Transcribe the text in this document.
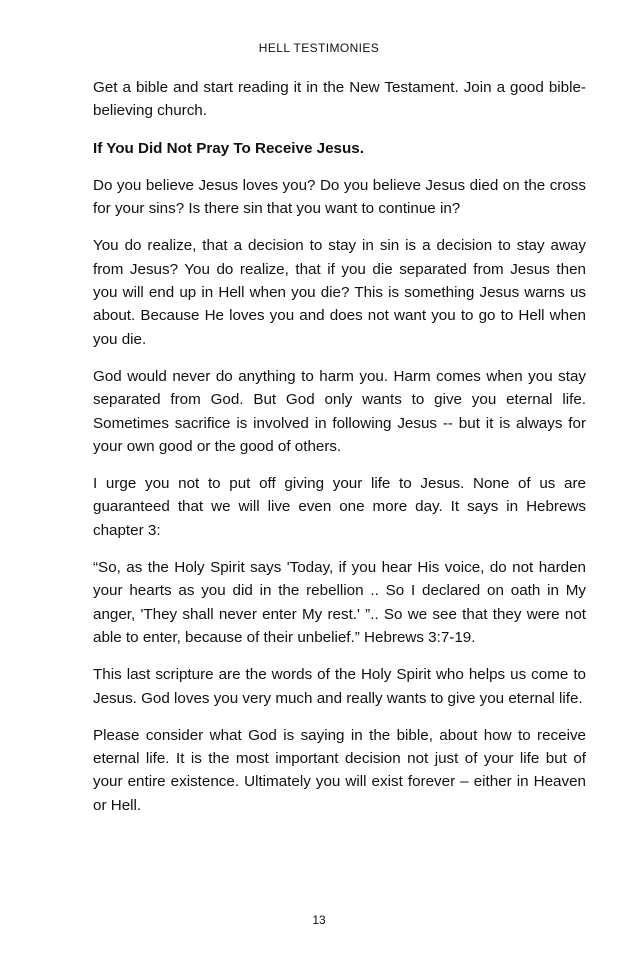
HELL TESTIMONIES

Get a bible and start reading it in the New Testament. Join a good bible-believing church.

If You Did Not Pray To Receive Jesus.

Do you believe Jesus loves you? Do you believe Jesus died on the cross for your sins? Is there sin that you want to continue in?

You do realize, that a decision to stay in sin is a decision to stay away from Jesus? You do realize, that if you die separated from Jesus then you will end up in Hell when you die? This is something Jesus warns us about. Because He loves you and does not want you to go to Hell when you die.

God would never do anything to harm you. Harm comes when you stay separated from God. But God only wants to give you eternal life. Sometimes sacrifice is involved in following Jesus -- but it is always for your own good or the good of others.

I urge you not to put off giving your life to Jesus. None of us are guaranteed that we will live even one more day. It says in Hebrews chapter 3:

“So, as the Holy Spirit says 'Today, if you hear His voice, do not harden your hearts as you did in the rebellion .. So I declared on oath in My anger, 'They shall never enter My rest.' ”.. So we see that they were not able to enter, because of their unbelief.” Hebrews 3:7-19.

This last scripture are the words of the Holy Spirit who helps us come to Jesus. God loves you very much and really wants to give you eternal life.

Please consider what God is saying in the bible, about how to receive eternal life. It is the most important decision not just of your life but of your entire existence. Ultimately you will exist forever – either in Heaven or Hell.

13
